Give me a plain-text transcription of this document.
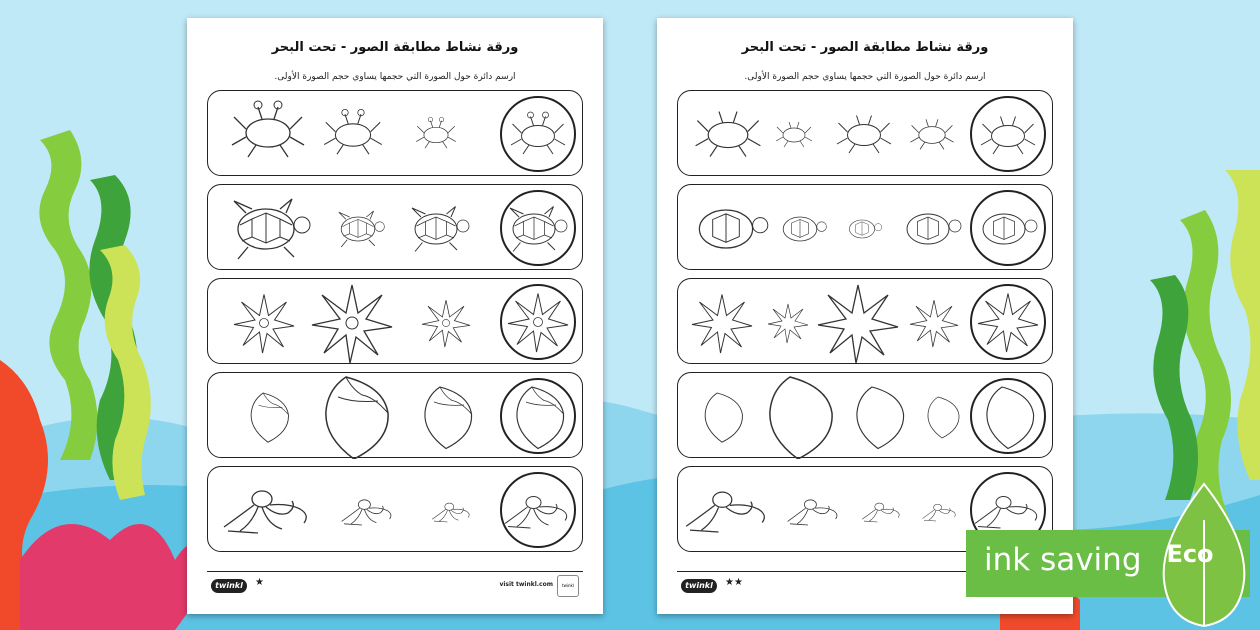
ورقة نشاط مطابقة الصور - تحت البحر
ارسم دائرة حول الصورة التي حجمها يساوي حجم الصورة الأولى.
twinkl	★	visit twinkl.com	twinkl
ورقة نشاط مطابقة الصور - تحت البحر
ارسم دائرة حول الصورة التي حجمها يساوي حجم الصورة الأولى.
twinkl	★★
ink saving Eco
